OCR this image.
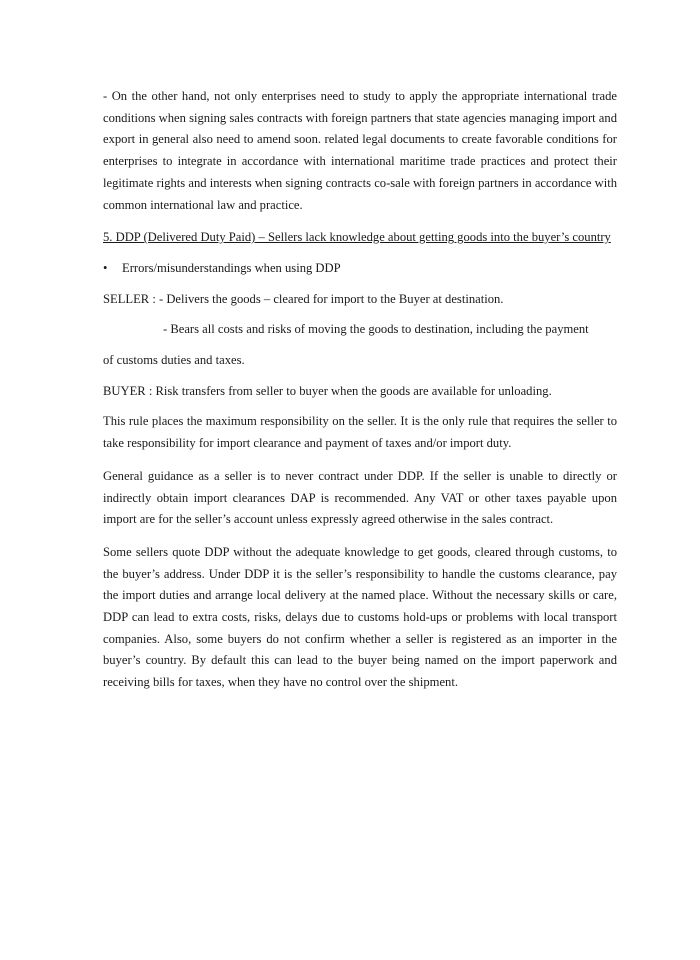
- On the other hand, not only enterprises need to study to apply the appropriate international trade conditions when signing sales contracts with foreign partners that state agencies managing import and export in general also need to amend soon. related legal documents to create favorable conditions for enterprises to integrate in accordance with international maritime trade practices and protect their legitimate rights and interests when signing contracts co-sale with foreign partners in accordance with common international law and practice.

5. DDP (Delivered Duty Paid) – Sellers lack knowledge about getting goods into the buyer’s country

• Errors/misunderstandings when using DDP

SELLER : - Delivers the goods – cleared for import to the Buyer at destination.

- Bears all costs and risks of moving the goods to destination, including the payment

of customs duties and taxes.

BUYER : Risk transfers from seller to buyer when the goods are available for unloading.

This rule places the maximum responsibility on the seller. It is the only rule that requires the seller to take responsibility for import clearance and payment of taxes and/or import duty.

General guidance as a seller is to never contract under DDP. If the seller is unable to directly or indirectly obtain import clearances DAP is recommended. Any VAT or other taxes payable upon import are for the seller’s account unless expressly agreed otherwise in the sales contract.

Some sellers quote DDP without the adequate knowledge to get goods, cleared through customs, to the buyer’s address. Under DDP it is the seller’s responsibility to handle the customs clearance, pay the import duties and arrange local delivery at the named place. Without the necessary skills or care, DDP can lead to extra costs, risks, delays due to customs hold-ups or problems with local transport companies. Also, some buyers do not confirm whether a seller is registered as an importer in the buyer’s country. By default this can lead to the buyer being named on the import paperwork and receiving bills for taxes, when they have no control over the shipment.
